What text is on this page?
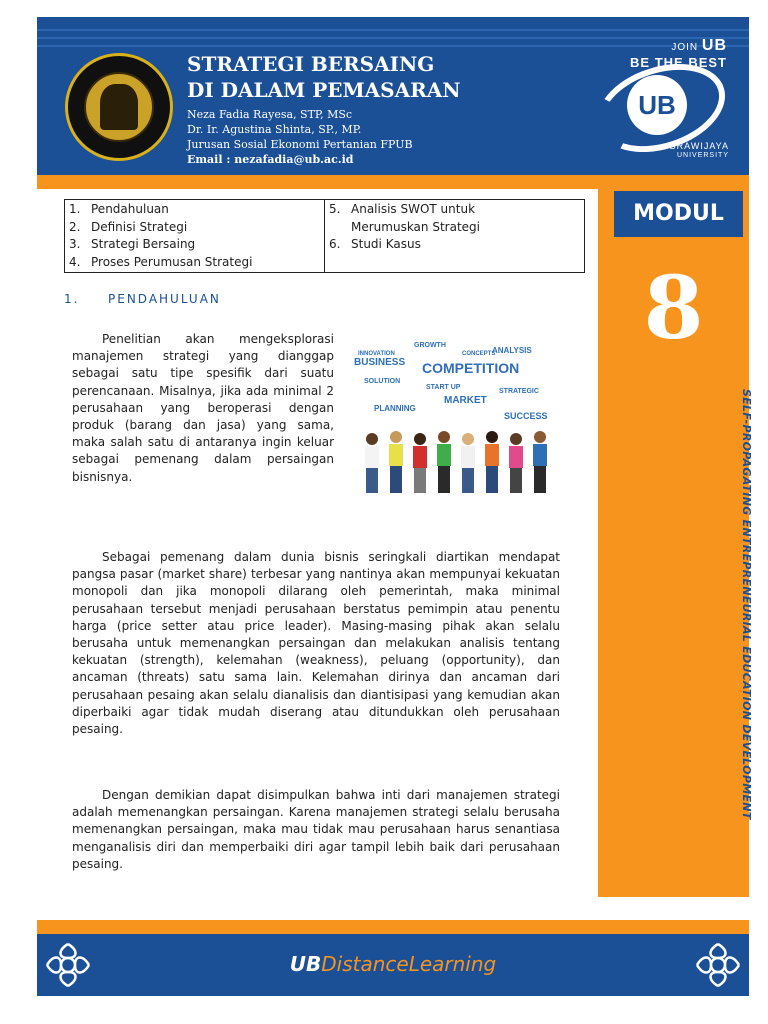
STRATEGI BERSAING
DI DALAM PEMASARAN
Neza Fadia Rayesa, STP, MSc
Dr. Ir. Agustina Shinta, SP., MP.
Jurusan Sosial Ekonomi Pertanian FPUB
Email : nezafadia@ub.ac.id
JOIN UB
BE THE BEST
UB
BRAWIJAYA
UNIVERSITY
MODUL
8
SELF-PROPAGATING ENTREPRENEURIAL EDUCATION DEVELOPMENT
1. Pendahuluan
2. Definisi Strategi
3. Strategi Bersaing
4. Proses Perumusan Strategi
5. Analisis SWOT untuk
Merumuskan Strategi
6. Studi Kasus
1. PENDAHULUAN

Penelitian akan mengeksplorasi manajemen strategi yang dianggap sebagai satu tipe spesifik dari suatu perencanaan. Misalnya, jika ada minimal 2 perusahaan yang beroperasi dengan produk (barang dan jasa) yang sama, maka salah satu di antaranya ingin keluar sebagai pemenang dalam persaingan bisnisnya.

BUSINESS COMPETITION
GROWTH
ANALYSIS
SOLUTION
START UP
MARKET
PLANNING
SUCCESS
STRATEGIC
INNOVATION	CONCEPTS

Sebagai pemenang dalam dunia bisnis seringkali diartikan mendapat pangsa pasar (market share) terbesar yang nantinya akan mempunyai kekuatan monopoli dan jika monopoli dilarang oleh pemerintah, maka minimal perusahaan tersebut menjadi perusahaan berstatus pemimpin atau penentu harga (price setter atau price leader). Masing-masing pihak akan selalu berusaha untuk memenangkan persaingan dan melakukan analisis tentang kekuatan (strength), kelemahan (weakness), peluang (opportunity), dan ancaman (threats) satu sama lain. Kelemahan dirinya dan ancaman dari perusahaan pesaing akan selalu dianalisis dan diantisipasi yang kemudian akan diperbaiki agar tidak mudah diserang atau ditundukkan oleh perusahaan pesaing.

Dengan demikian dapat disimpulkan bahwa inti dari manajemen strategi adalah memenangkan persaingan. Karena manajemen strategi selalu berusaha memenangkan persaingan, maka mau tidak mau perusahaan harus senantiasa menganalisis diri dan memperbaiki diri agar tampil lebih baik dari perusahaan pesaing.

UBDistanceLearning
